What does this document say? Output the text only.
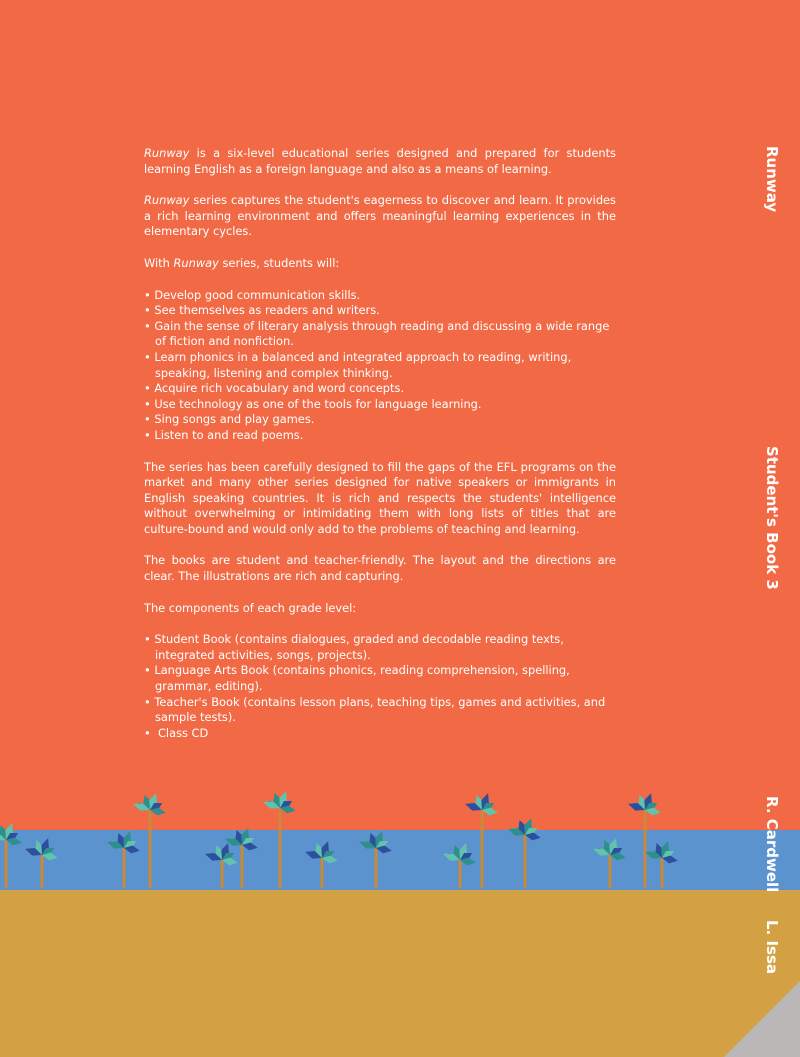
Runway is a six-level educational series designed and prepared for students learning English as a foreign language and also as a means of learning.

Runway series captures the student's eagerness to discover and learn. It provides a rich learning environment and offers meaningful learning experiences in the elementary cycles.

With Runway series, students will:

• Develop good communication skills.
• See themselves as readers and writers.
• Gain the sense of literary analysis through reading and discussing a wide range of fiction and nonfiction.
• Learn phonics in a balanced and integrated approach to reading, writing, speaking, listening and complex thinking.
• Acquire rich vocabulary and word concepts.
• Use technology as one of the tools for language learning.
• Sing songs and play games.
• Listen to and read poems.

The series has been carefully designed to fill the gaps of the EFL programs on the market and many other series designed for native speakers or immigrants in English speaking countries. It is rich and respects the students' intelligence without overwhelming or intimidating them with long lists of titles that are culture-bound and would only add to the problems of teaching and learning.

The books are student and teacher-friendly. The layout and the directions are clear. The illustrations are rich and capturing.

The components of each grade level:

• Student Book (contains dialogues, graded and decodable reading texts, integrated activities, songs, projects).
• Language Arts Book (contains phonics, reading comprehension, spelling, grammar, editing).
• Teacher's Book (contains lesson plans, teaching tips, games and activities, and sample tests).
•  Class CD
Runway
Student's Book 3
R. Cardwell
L. Issa
